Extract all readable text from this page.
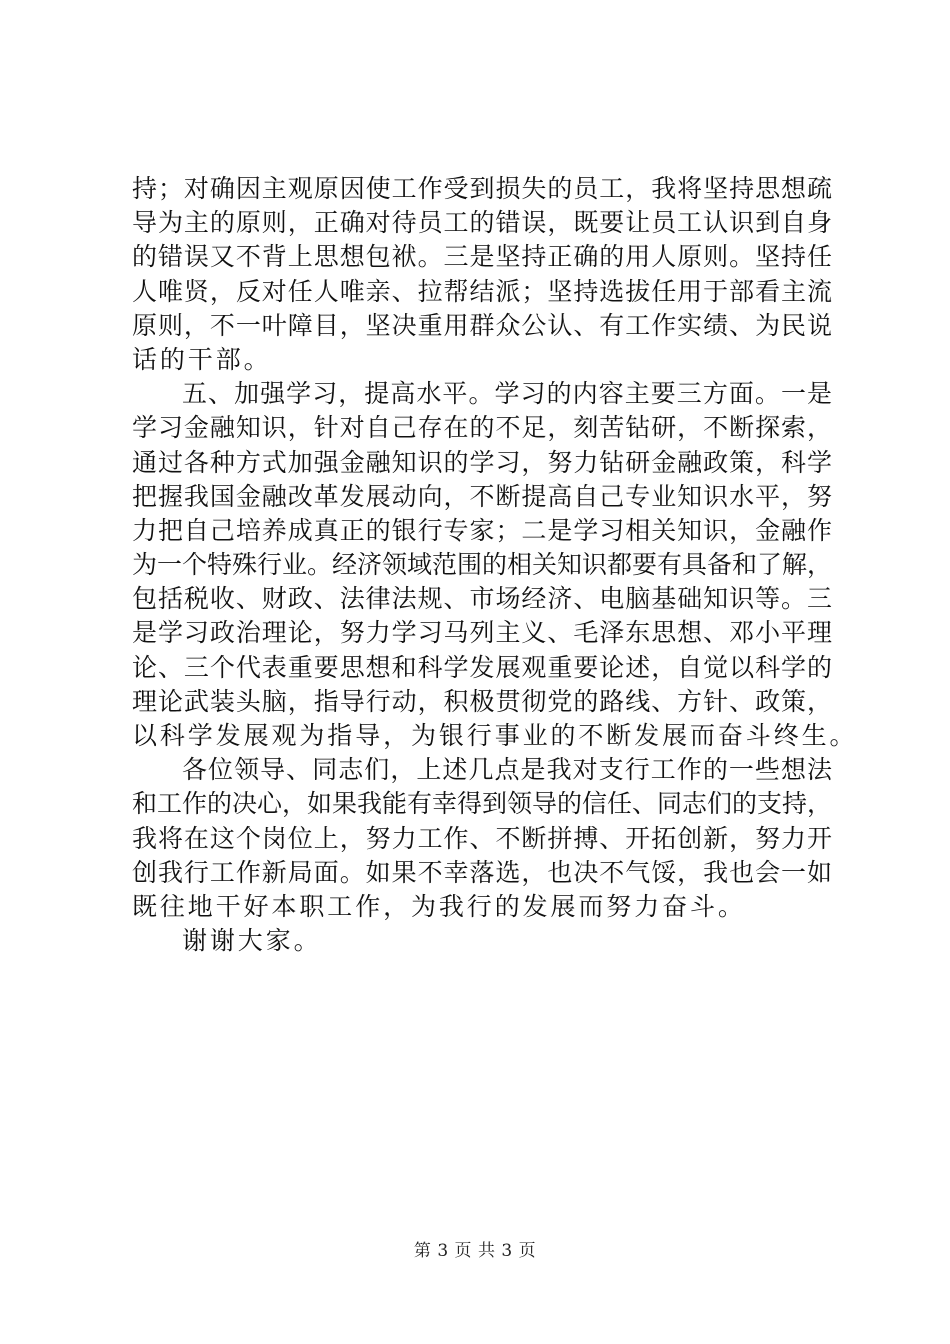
持；对确因主观原因使工作受到损失的员工，我将坚持思想疏
导为主的原则，正确对待员工的错误，既要让员工认识到自身
的错误又不背上思想包袱。三是坚持正确的用人原则。坚持任
人唯贤，反对任人唯亲、拉帮结派；坚持选拔任用于部看主流
原则，不一叶障目，坚决重用群众公认、有工作实绩、为民说
话的干部。
五、加强学习，提高水平。学习的内容主要三方面。一是
学习金融知识，针对自己存在的不足，刻苦钻研，不断探索，
通过各种方式加强金融知识的学习，努力钻研金融政策，科学
把握我国金融改革发展动向，不断提高自己专业知识水平，努
力把自己培养成真正的银行专家；二是学习相关知识，金融作
为一个特殊行业。经济领域范围的相关知识都要有具备和了解，
包括税收、财政、法律法规、市场经济、电脑基础知识等。三
是学习政治理论，努力学习马列主义、毛泽东思想、邓小平理
论、三个代表重要思想和科学发展观重要论述，自觉以科学的
理论武装头脑，指导行动，积极贯彻党的路线、方针、政策，
以科学发展观为指导，为银行事业的不断发展而奋斗终生。
各位领导、同志们，上述几点是我对支行工作的一些想法
和工作的决心，如果我能有幸得到领导的信任、同志们的支持，
我将在这个岗位上，努力工作、不断拼搏、开拓创新，努力开
创我行工作新局面。如果不幸落选，也决不气馁，我也会一如
既往地干好本职工作，为我行的发展而努力奋斗。
谢谢大家。
第 3 页 共 3 页
